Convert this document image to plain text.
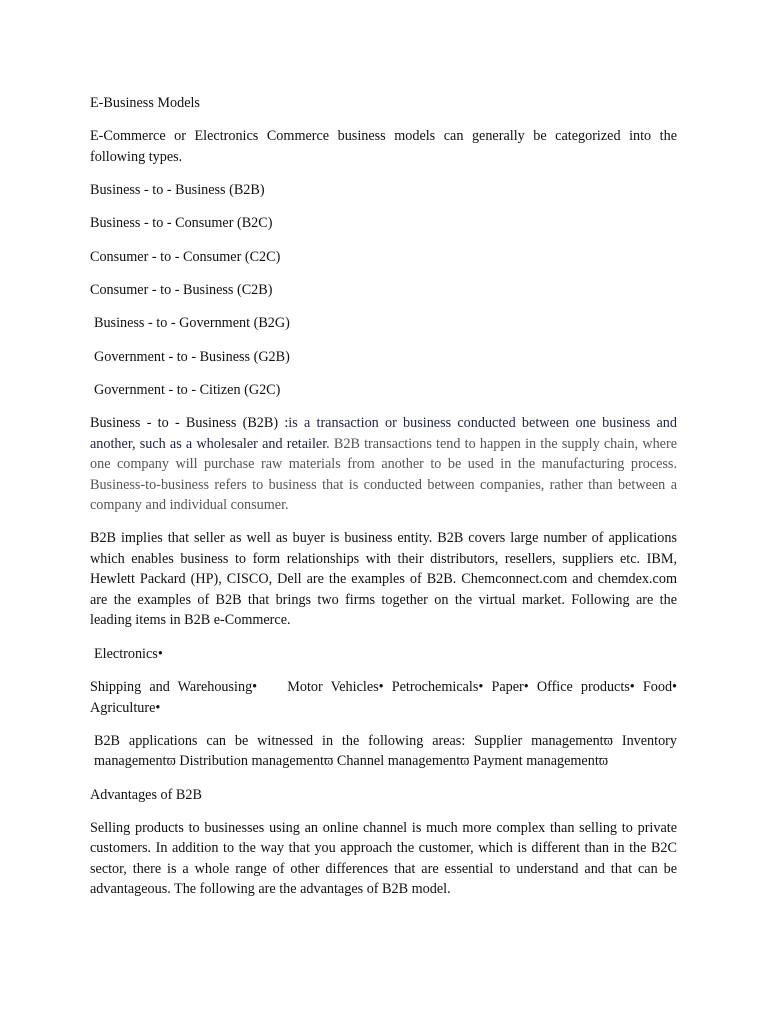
E-Business Models

E-Commerce or Electronics Commerce business models can generally be categorized into the following types.

Business - to - Business (B2B)

Business - to - Consumer (B2C)

Consumer - to - Consumer (C2C)

Consumer - to - Business (C2B)

Business - to - Government (B2G)

Government - to - Business (G2B)

Government - to - Citizen (G2C)

Business - to - Business (B2B) :is a transaction or business conducted between one business and another, such as a wholesaler and retailer. B2B transactions tend to happen in the supply chain, where one company will purchase raw materials from another to be used in the manufacturing process. Business-to-business refers to business that is conducted between companies, rather than between a company and individual consumer.

B2B implies that seller as well as buyer is business entity. B2B covers large number of applications which enables business to form relationships with their distributors, resellers, suppliers etc. IBM, Hewlett Packard (HP), CISCO, Dell are the examples of B2B. Chemconnect.com and chemdex.com are the examples of B2B that brings two firms together on the virtual market. Following are the leading items in B2B e-Commerce.

Electronics•

Shipping and Warehousing• Motor Vehicles• Petrochemicals• Paper• Office products• Food• Agriculture•

B2B applications can be witnessed in the following areas: Supplier managementϖ Inventory managementϖ Distribution managementϖ Channel managementϖ Payment managementϖ

Advantages of B2B

Selling products to businesses using an online channel is much more complex than selling to private customers. In addition to the way that you approach the customer, which is different than in the B2C sector, there is a whole range of other differences that are essential to understand and that can be advantageous. The following are the advantages of B2B model.
